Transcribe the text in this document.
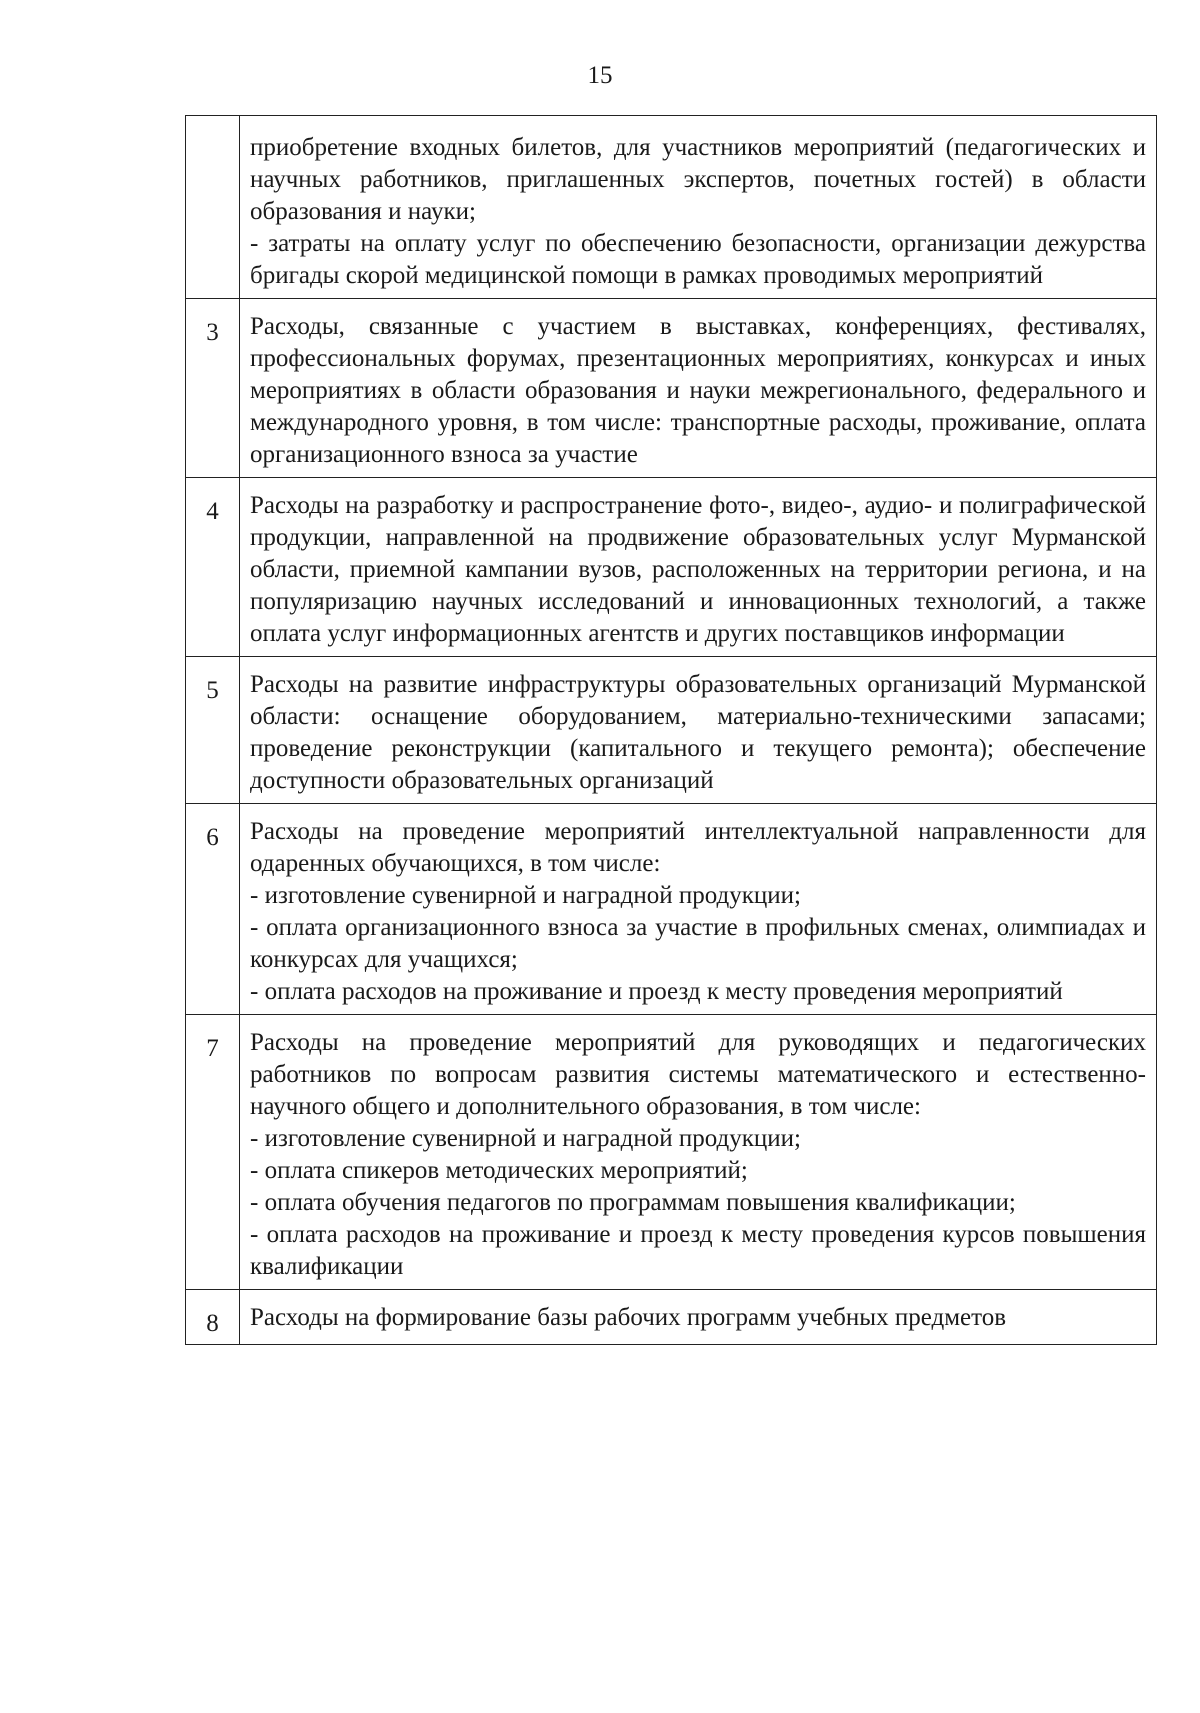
15

	приобретение входных билетов, для участников мероприятий (педагогических и научных работников, приглашенных экспертов, почетных гостей) в области образования и науки;
- затраты на оплату услуг по обеспечению безопасности, организации дежурства бригады скорой медицинской помощи в рамках проводимых мероприятий

3	Расходы, связанные с участием в выставках, конференциях, фестивалях, профессиональных форумах, презентационных мероприятиях, конкурсах и иных мероприятиях в области образования и науки межрегионального, федерального и международного уровня, в том числе: транспортные расходы, проживание, оплата организационного взноса за участие

4	Расходы на разработку и распространение фото-, видео-, аудио- и полиграфической продукции, направленной на продвижение образовательных услуг Мурманской области, приемной кампании вузов, расположенных на территории региона, и на популяризацию научных исследований и инновационных технологий, а также оплата услуг информационных агентств и других поставщиков информации

5	Расходы на развитие инфраструктуры образовательных организаций Мурманской области: оснащение оборудованием, материально-техническими запасами; проведение реконструкции (капитального и текущего ремонта); обеспечение доступности образовательных организаций

6	Расходы на проведение мероприятий интеллектуальной направленности для одаренных обучающихся, в том числе:
- изготовление сувенирной и наградной продукции;
- оплата организационного взноса за участие в профильных сменах, олимпиадах и конкурсах для учащихся;
- оплата расходов на проживание и проезд к месту проведения мероприятий

7	Расходы на проведение мероприятий для руководящих и педагогических работников по вопросам развития системы математического и естественно-научного общего и дополнительного образования, в том числе:
- изготовление сувенирной и наградной продукции;
- оплата спикеров методических мероприятий;
- оплата обучения педагогов по программам повышения квалификации;
- оплата расходов на проживание и проезд к месту проведения курсов повышения квалификации

8	Расходы на формирование базы рабочих программ учебных предметов
